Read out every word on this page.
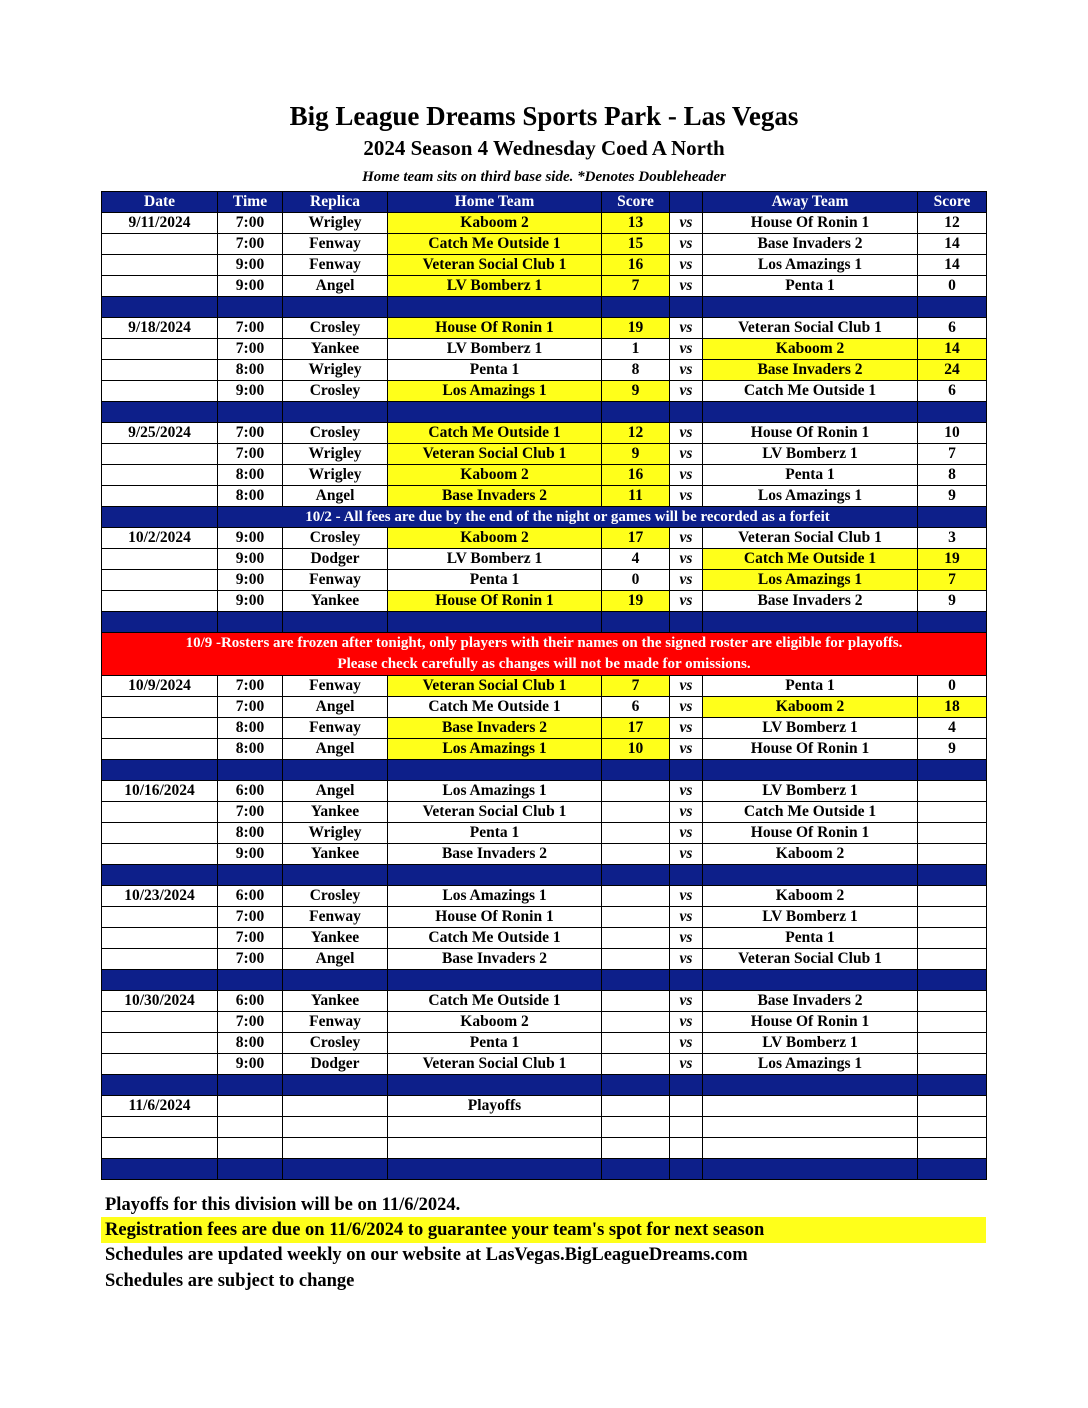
Big League Dreams Sports Park - Las Vegas
2024 Season 4 Wednesday Coed A North
Home team sits on third base side. *Denotes Doubleheader
Date	Time	Replica	Home Team	Score		Away Team	Score
9/11/2024	7:00	Wrigley	Kaboom 2	13	vs	House Of Ronin 1	12
	7:00	Fenway	Catch Me Outside 1	15	vs	Base Invaders 2	14
	9:00	Fenway	Veteran Social Club 1	16	vs	Los Amazings 1	14
	9:00	Angel	LV Bomberz 1	7	vs	Penta 1	0

9/18/2024	7:00	Crosley	House Of Ronin 1	19	vs	Veteran Social Club 1	6
	7:00	Yankee	LV Bomberz 1	1	vs	Kaboom 2	14
	8:00	Wrigley	Penta 1	8	vs	Base Invaders 2	24
	9:00	Crosley	Los Amazings 1	9	vs	Catch Me Outside 1	6

9/25/2024	7:00	Crosley	Catch Me Outside 1	12	vs	House Of Ronin 1	10
	7:00	Wrigley	Veteran Social Club 1	9	vs	LV Bomberz 1	7
	8:00	Wrigley	Kaboom 2	16	vs	Penta 1	8
	8:00	Angel	Base Invaders 2	11	vs	Los Amazings 1	9
	10/2 - All fees are due by the end of the night or games will be recorded as a forfeit						
10/2/2024	9:00	Crosley	Kaboom 2	17	vs	Veteran Social Club 1	3
	9:00	Dodger	LV Bomberz 1	4	vs	Catch Me Outside 1	19
	9:00	Fenway	Penta 1	0	vs	Los Amazings 1	7
	9:00	Yankee	House Of Ronin 1	19	vs	Base Invaders 2	9

10/9 -Rosters are frozen after tonight, only players with their names on the signed roster are eligible for playoffs.
Please check carefully as changes will not be made for omissions.							

10/9/2024	7:00	Fenway	Veteran Social Club 1	7	vs	Penta 1	0
	7:00	Angel	Catch Me Outside 1	6	vs	Kaboom 2	18
	8:00	Fenway	Base Invaders 2	17	vs	LV Bomberz 1	4
	8:00	Angel	Los Amazings 1	10	vs	House Of Ronin 1	9

10/16/2024	6:00	Angel	Los Amazings 1		vs	LV Bomberz 1	
	7:00	Yankee	Veteran Social Club 1		vs	Catch Me Outside 1	
	8:00	Wrigley	Penta 1		vs	House Of Ronin 1	
	9:00	Yankee	Base Invaders 2		vs	Kaboom 2	

10/23/2024	6:00	Crosley	Los Amazings 1		vs	Kaboom 2	
	7:00	Fenway	House Of Ronin 1		vs	LV Bomberz 1	
	7:00	Yankee	Catch Me Outside 1		vs	Penta 1	
	7:00	Angel	Base Invaders 2		vs	Veteran Social Club 1	

10/30/2024	6:00	Yankee	Catch Me Outside 1		vs	Base Invaders 2	
	7:00	Fenway	Kaboom 2		vs	House Of Ronin 1	
	8:00	Crosley	Penta 1		vs	LV Bomberz 1	
	9:00	Dodger	Veteran Social Club 1		vs	Los Amazings 1	

11/6/2024			Playoffs				

Playoffs for this division will be on 11/6/2024.
Registration fees are due on 11/6/2024 to guarantee your team's spot for next season
Schedules are updated weekly on our website at LasVegas.BigLeagueDreams.com
Schedules are subject to change
